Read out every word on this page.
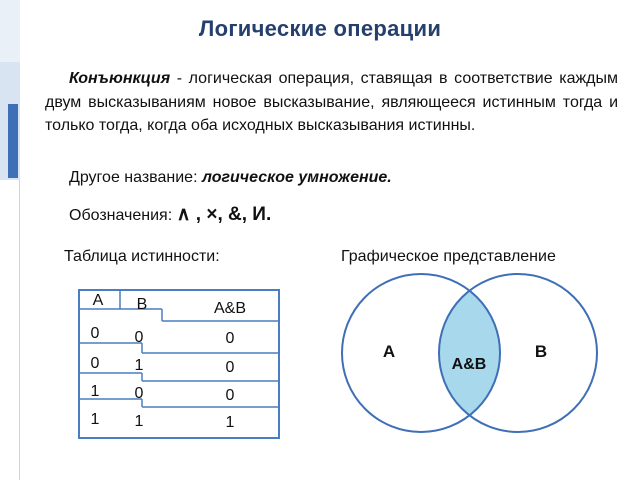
Логические операции
Конъюнкция - логическая операция, ставящая в соответствие каждым двум высказываниям новое высказывание, являющееся истинным тогда и только тогда, когда оба исходных высказывания истинны.
Другое название: логическое умножение.
Обозначения: ∧ , ×, &, И.
Таблица истинности:	Графическое представление
A B	A&B
0	0	0
0	1	0
1	0	0
1	1	1
A	B
A&B
